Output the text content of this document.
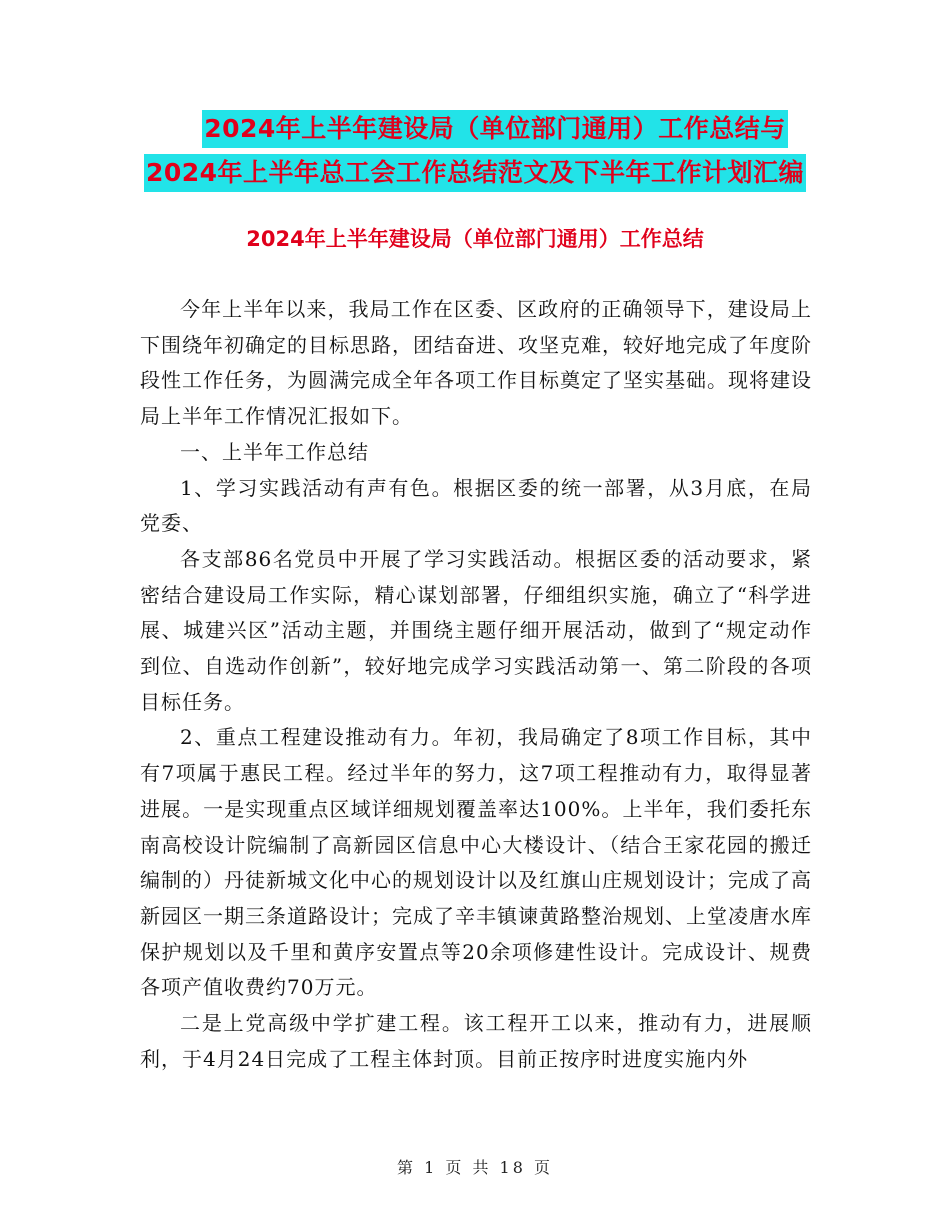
2024年上半年建设局（单位部门通用）工作总结与
2024年上半年总工会工作总结范文及下半年工作计划汇编
2024年上半年建设局（单位部门通用）工作总结

今年上半年以来，我局工作在区委、区政府的正确领导下，建设局上下围绕年初确定的目标思路，团结奋进、攻坚克难，较好地完成了年度阶段性工作任务，为圆满完成全年各项工作目标奠定了坚实基础。现将建设局上半年工作情况汇报如下。

一、上半年工作总结

1、学习实践活动有声有色。根据区委的统一部署，从3月底，在局党委、

各支部86名党员中开展了学习实践活动。根据区委的活动要求，紧密结合建设局工作实际，精心谋划部署，仔细组织实施，确立了“科学进展、城建兴区”活动主题，并围绕主题仔细开展活动，做到了“规定动作到位、自选动作创新”，较好地完成学习实践活动第一、第二阶段的各项目标任务。

2、重点工程建设推动有力。年初，我局确定了8项工作目标，其中有7项属于惠民工程。经过半年的努力，这7项工程推动有力，取得显著进展。一是实现重点区域详细规划覆盖率达100%。上半年，我们委托东南高校设计院编制了高新园区信息中心大楼设计、（结合王家花园的搬迁编制的）丹徒新城文化中心的规划设计以及红旗山庄规划设计；完成了高新园区一期三条道路设计；完成了辛丰镇谏黄路整治规划、上堂凌唐水库保护规划以及千里和黄序安置点等20余项修建性设计。完成设计、规费各项产值收费约70万元。

二是上党高级中学扩建工程。该工程开工以来，推动有力，进展顺利，于4月24日完成了工程主体封顶。目前正按序时进度实施内外

第 1 页 共 18 页
